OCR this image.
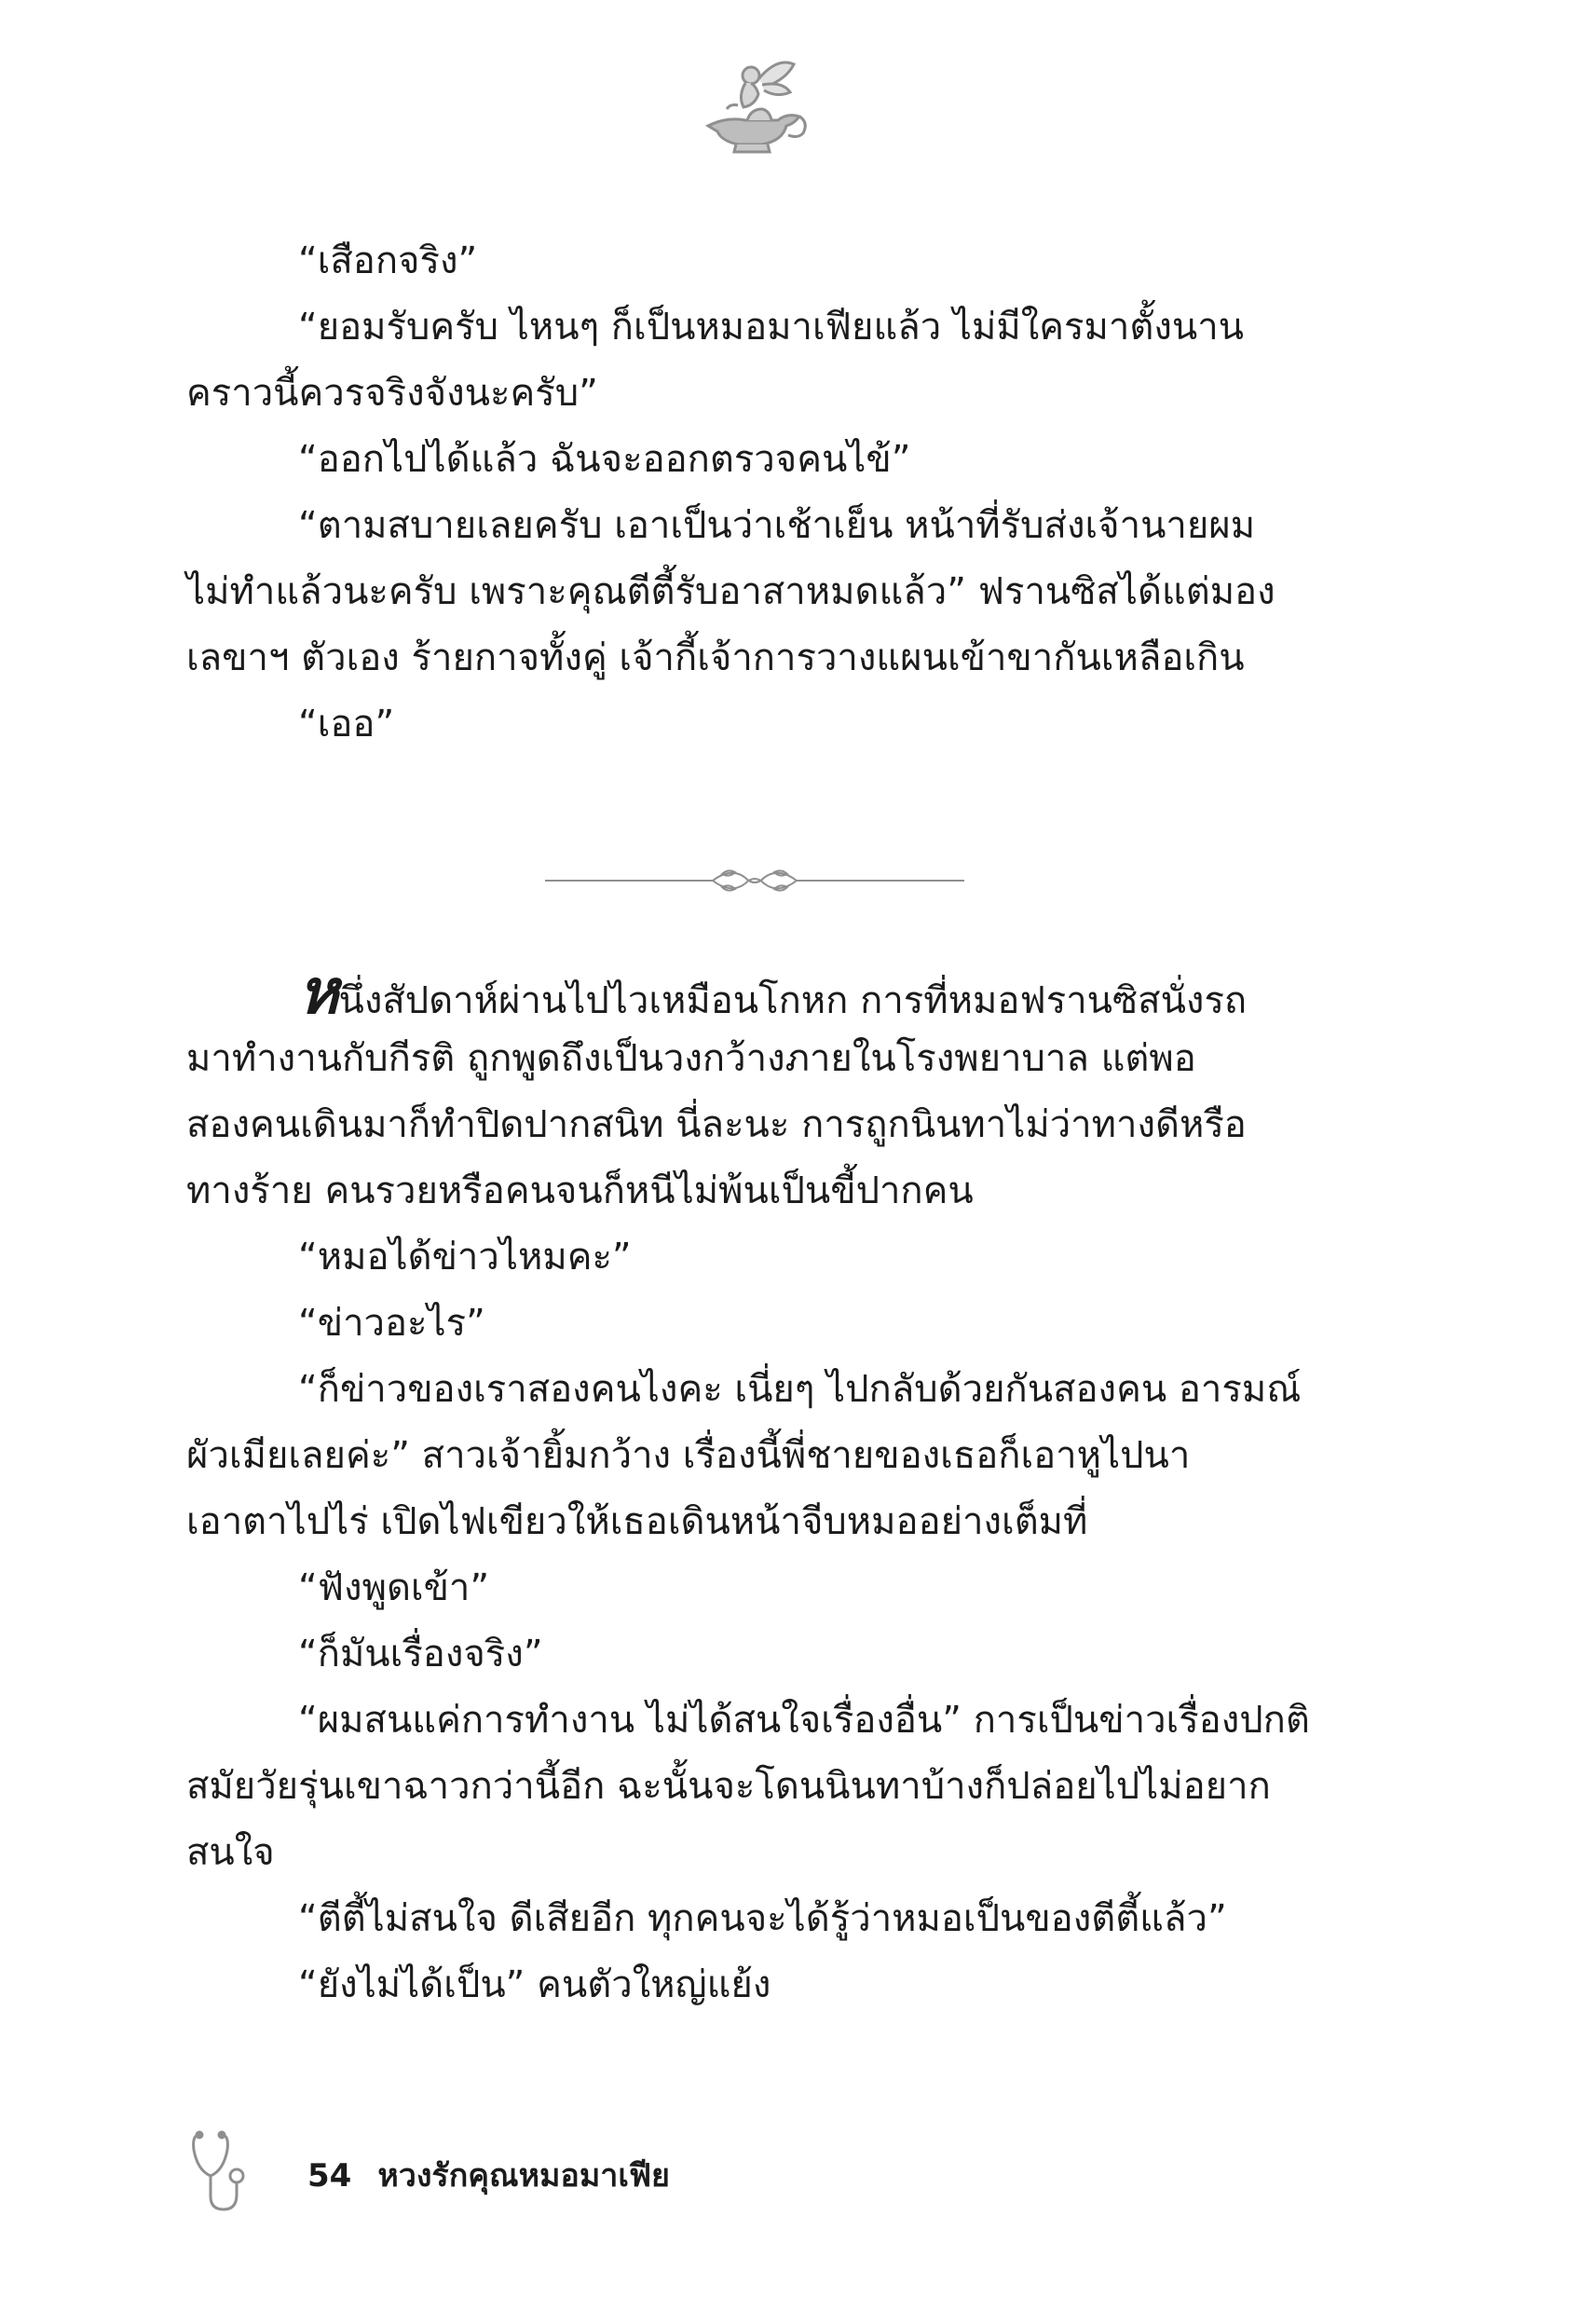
“เสือกจริง”
“ยอมรับครับ ไหนๆ ก็เป็นหมอมาเฟียแล้ว ไม่มีใครมาตั้งนาน
คราวนี้ควรจริงจังนะครับ”
“ออกไปได้แล้ว ฉันจะออกตรวจคนไข้”
“ตามสบายเลยครับ เอาเป็นว่าเช้าเย็น หน้าที่รับส่งเจ้านายผม
ไม่ทำแล้วนะครับ เพราะคุณตีตี้รับอาสาหมดแล้ว” ฟรานซิสได้แต่มอง
เลขาฯ ตัวเอง ร้ายกาจทั้งคู่ เจ้ากี้เจ้าการวางแผนเข้าขากันเหลือเกิน
“เออ”
หนึ่งสัปดาห์ผ่านไปไวเหมือนโกหก การที่หมอฟรานซิสนั่งรถ
มาทำงานกับกีรติ ถูกพูดถึงเป็นวงกว้างภายในโรงพยาบาล แต่พอ
สองคนเดินมาก็ทำปิดปากสนิท นี่ละนะ การถูกนินทาไม่ว่าทางดีหรือ
ทางร้าย คนรวยหรือคนจนก็หนีไม่พ้นเป็นขี้ปากคน
“หมอได้ข่าวไหมคะ”
“ข่าวอะไร”
“ก็ข่าวของเราสองคนไงคะ เนี่ยๆ ไปกลับด้วยกันสองคน อารมณ์
ผัวเมียเลยค่ะ” สาวเจ้ายิ้มกว้าง เรื่องนี้พี่ชายของเธอก็เอาหูไปนา
เอาตาไปไร่ เปิดไฟเขียวให้เธอเดินหน้าจีบหมออย่างเต็มที่
“ฟังพูดเข้า”
“ก็มันเรื่องจริง”
“ผมสนแค่การทำงาน ไม่ได้สนใจเรื่องอื่น” การเป็นข่าวเรื่องปกติ
สมัยวัยรุ่นเขาฉาวกว่านี้อีก ฉะนั้นจะโดนนินทาบ้างก็ปล่อยไปไม่อยาก
สนใจ
“ตีตี้ไม่สนใจ ดีเสียอีก ทุกคนจะได้รู้ว่าหมอเป็นของตีตี้แล้ว”
“ยังไม่ได้เป็น” คนตัวใหญ่แย้ง
54 หวงรักคุณหมอมาเฟีย
